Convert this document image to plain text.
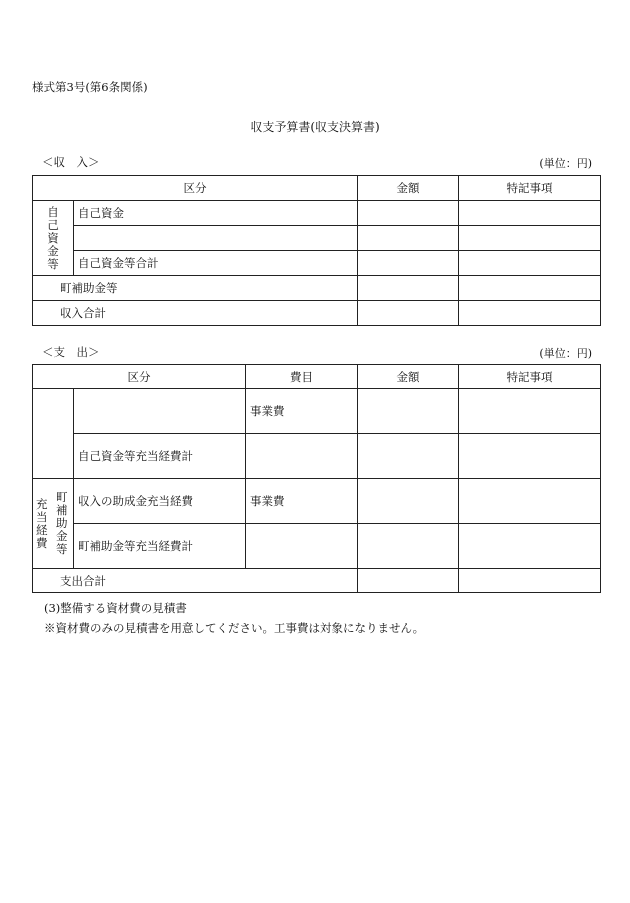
様式第3号(第6条関係)
収支予算書(収支決算書)
＜収　入＞	(単位：円)
区分		金額	特記事項
自己資金等	自己資金		

	自己資金等合計		
町補助金等			
収入合計			
＜支　出＞	(単位：円)
区分			費目	金額	特記事項
			事業費		
		自己資金等充当経費計			
充当経費	町補助金等	収入の助成金充当経費	事業費		
		町補助金等充当経費計			
支出合計					
(3)整備する資材費の見積書
※資材費のみの見積書を用意してください。工事費は対象になりません。
